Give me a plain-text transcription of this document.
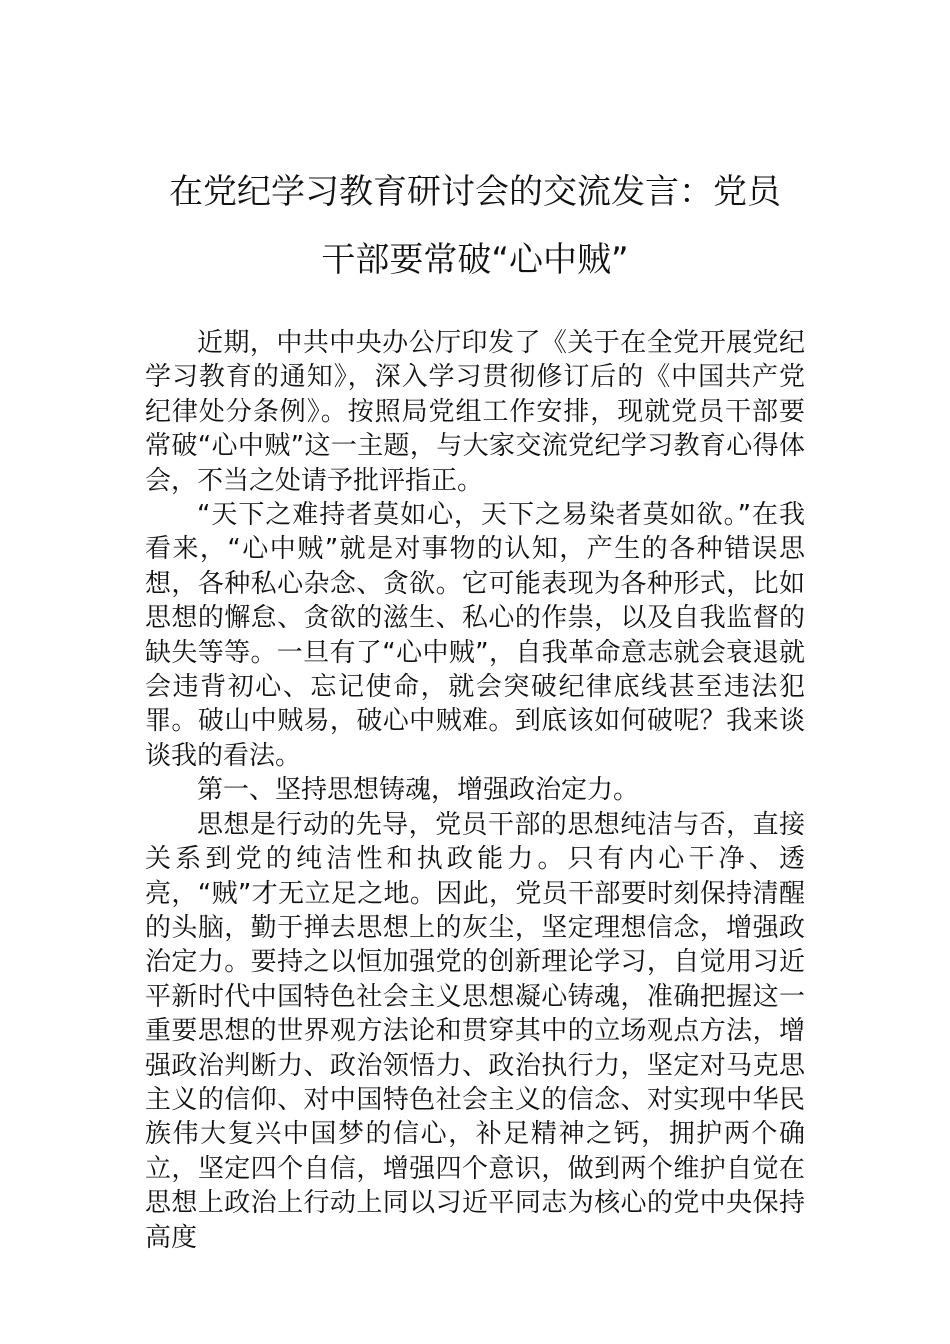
在党纪学习教育研讨会的交流发言：党员
干部要常破“心中贼”

近期，中共中央办公厅印发了《关于在全党开展党纪学习教育的通知》，深入学习贯彻修订后的《中国共产党纪律处分条例》。按照局党组工作安排，现就党员干部要常破“心中贼”这一主题，与大家交流党纪学习教育心得体会，不当之处请予批评指正。

“天下之难持者莫如心，天下之易染者莫如欲。”在我看来，“心中贼”就是对事物的认知，产生的各种错误思想，各种私心杂念、贪欲。它可能表现为各种形式，比如思想的懈怠、贪欲的滋生、私心的作祟，以及自我监督的缺失等等。一旦有了“心中贼”，自我革命意志就会衰退就会违背初心、忘记使命，就会突破纪律底线甚至违法犯罪。破山中贼易，破心中贼难。到底该如何破呢？我来谈谈我的看法。

第一、坚持思想铸魂，增强政治定力。

思想是行动的先导，党员干部的思想纯洁与否，直接关系到党的纯洁性和执政能力。只有内心干净、透亮，“贼”才无立足之地。因此，党员干部要时刻保持清醒的头脑，勤于掸去思想上的灰尘，坚定理想信念，增强政治定力。要持之以恒加强党的创新理论学习，自觉用习近平新时代中国特色社会主义思想凝心铸魂，准确把握这一重要思想的世界观方法论和贯穿其中的立场观点方法，增强政治判断力、政治领悟力、政治执行力，坚定对马克思主义的信仰、对中国特色社会主义的信念、对实现中华民族伟大复兴中国梦的信心，补足精神之钙，拥护两个确立，坚定四个自信，增强四个意识，做到两个维护自觉在思想上政治上行动上同以习近平同志为核心的党中央保持高度
